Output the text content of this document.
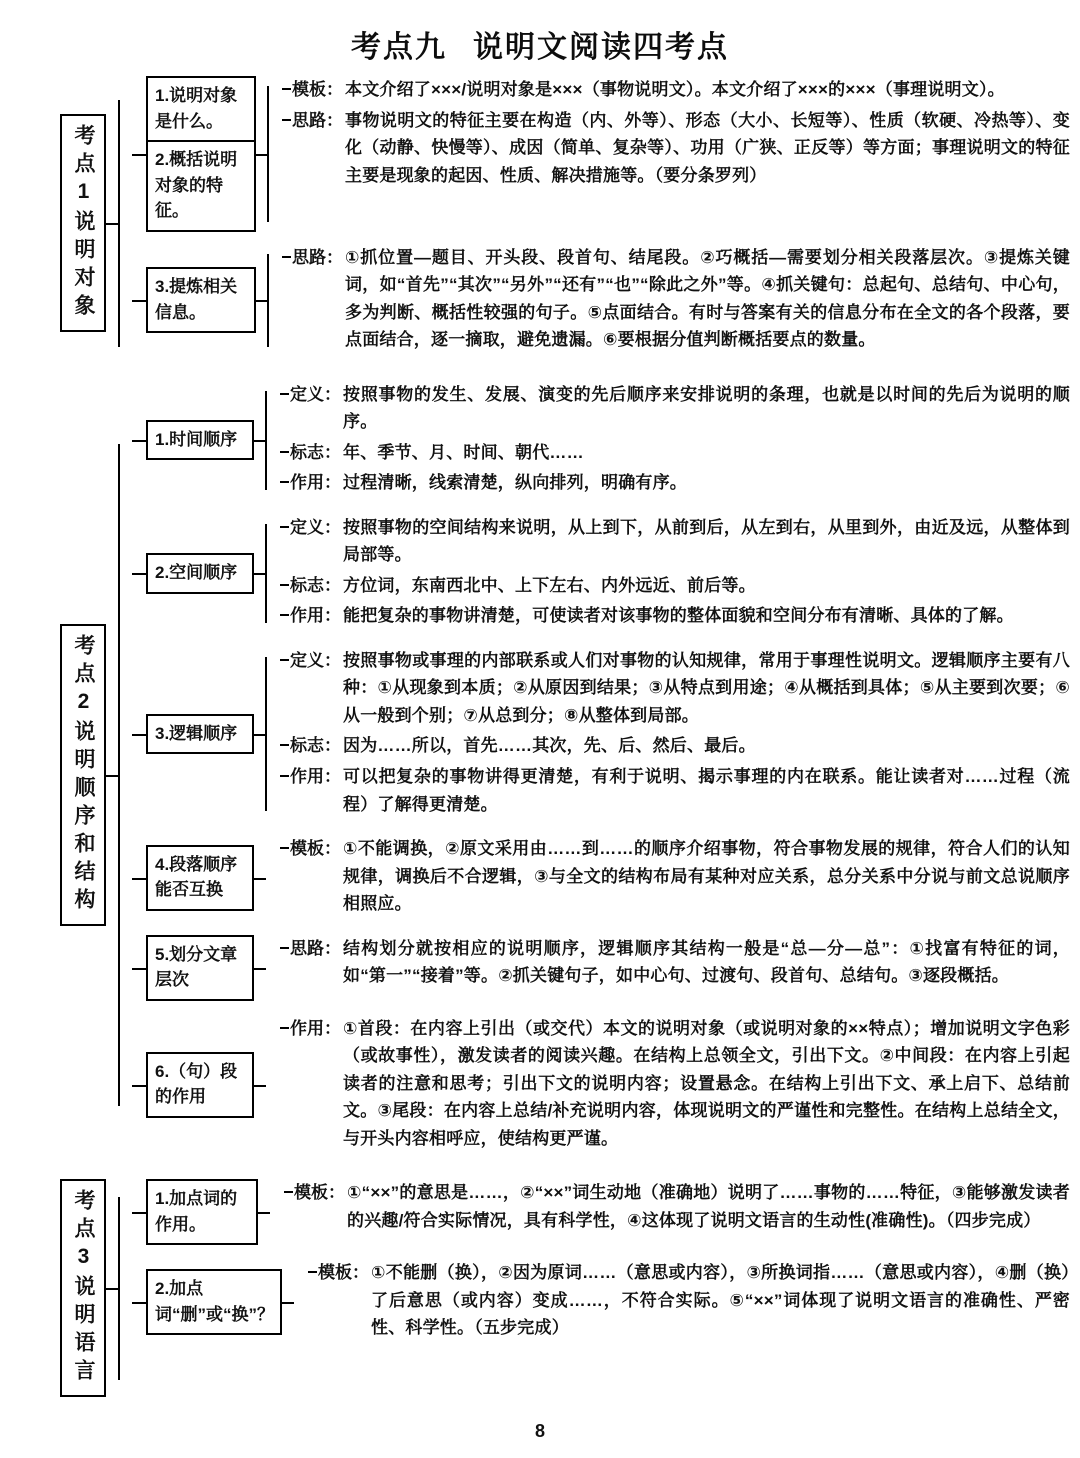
考点九 说明文阅读四考点
考点1说明对象
1.说明对象是什么。
2.概括说明对象的特征。
模板 ：	本文介绍了×××/说明对象是×××（事物说明文）。本文介绍了×××的×××（事理说明文）。
思路 ：	事物说明文的特征主要在构造（内、外等）、形态（大小、长短等）、性质（软硬、冷热等）、变化（动静、快慢等）、成因（简单、复杂等）、功用（广狭、正反等）等方面；事理说明文的特征主要是现象的起因、性质、解决措施等。（要分条罗列）
3.提炼相关信息。
思路 ：	①抓位置—题目、开头段、段首句、结尾段。②巧概括—需要划分相关段落层次。③提炼关键词，如“首先”“其次”“另外”“还有”“也”“除此之外”等。④抓关键句：总起句、总结句、中心句，多为判断、概括性较强的句子。⑤点面结合。有时与答案有关的信息分布在全文的各个段落，要点面结合，逐一摘取，避免遗漏。⑥要根据分值判断概括要点的数量。
考点2说明顺序和结构
1.时间顺序
定义 ：	按照事物的发生、发展、演变的先后顺序来安排说明的条理，也就是以时间的先后为说明的顺序。
标志 ：	年、季节、月、时间、朝代……
作用 ：	过程清晰，线索清楚，纵向排列，明确有序。
2.空间顺序
定义 ：	按照事物的空间结构来说明，从上到下，从前到后，从左到右，从里到外，由近及远，从整体到局部等。
标志 ：	方位词，东南西北中、上下左右、内外远近、前后等。
作用 ：	能把复杂的事物讲清楚，可使读者对该事物的整体面貌和空间分布有清晰、具体的了解。
3.逻辑顺序
定义 ：	按照事物或事理的内部联系或人们对事物的认知规律，常用于事理性说明文。逻辑顺序主要有八种：①从现象到本质；②从原因到结果；③从特点到用途；④从概括到具体；⑤从主要到次要；⑥从一般到个别；⑦从总到分；⑧从整体到局部。
标志 ：	因为……所以，首先……其次，先、后、然后、最后。
作用 ：	可以把复杂的事物讲得更清楚，有利于说明、揭示事理的内在联系。能让读者对……过程（流程）了解得更清楚。
4.段落顺序能否互换
模板 ：	①不能调换，②原文采用由……到……的顺序介绍事物，符合事物发展的规律，符合人们的认知规律，调换后不合逻辑，③与全文的结构布局有某种对应关系，总分关系中分说与前文总说顺序相照应。
5.划分文章层次
思路 ：	结构划分就按相应的说明顺序，逻辑顺序其结构一般是“总—分—总”：①找富有特征的词，如“第一”“接着”等。②抓关键句子，如中心句、过渡句、段首句、总结句。③逐段概括。
6.（句）段的作用
作用 ：	①首段：在内容上引出（或交代）本文的说明对象（或说明对象的××特点）；增加说明文字色彩（或故事性），激发读者的阅读兴趣。在结构上总领全文，引出下文。②中间段：在内容上引起读者的注意和思考；引出下文的说明内容；设置悬念。在结构上引出下文、承上启下、总结前文。③尾段：在内容上总结/补充说明内容，体现说明文的严谨性和完整性。在结构上总结全文，与开头内容相呼应，使结构更严谨。
考点3说明语言	1.加点词的作用。
模板 ：	①“××”的意思是……，②“××”词生动地（准确地）说明了……事物的……特征，③能够激发读者的兴趣/符合实际情况，具有科学性，④这体现了说明文语言的生动性(准确性)。（四步完成）
2.加点词“删”或“换”？
模板 ：	①不能删（换），②因为原词……（意思或内容），③所换词指……（意思或内容），④删（换）了后意思（或内容）变成……，不符合实际。⑤“××”词体现了说明文语言的准确性、严密性、科学性。（五步完成）
8
